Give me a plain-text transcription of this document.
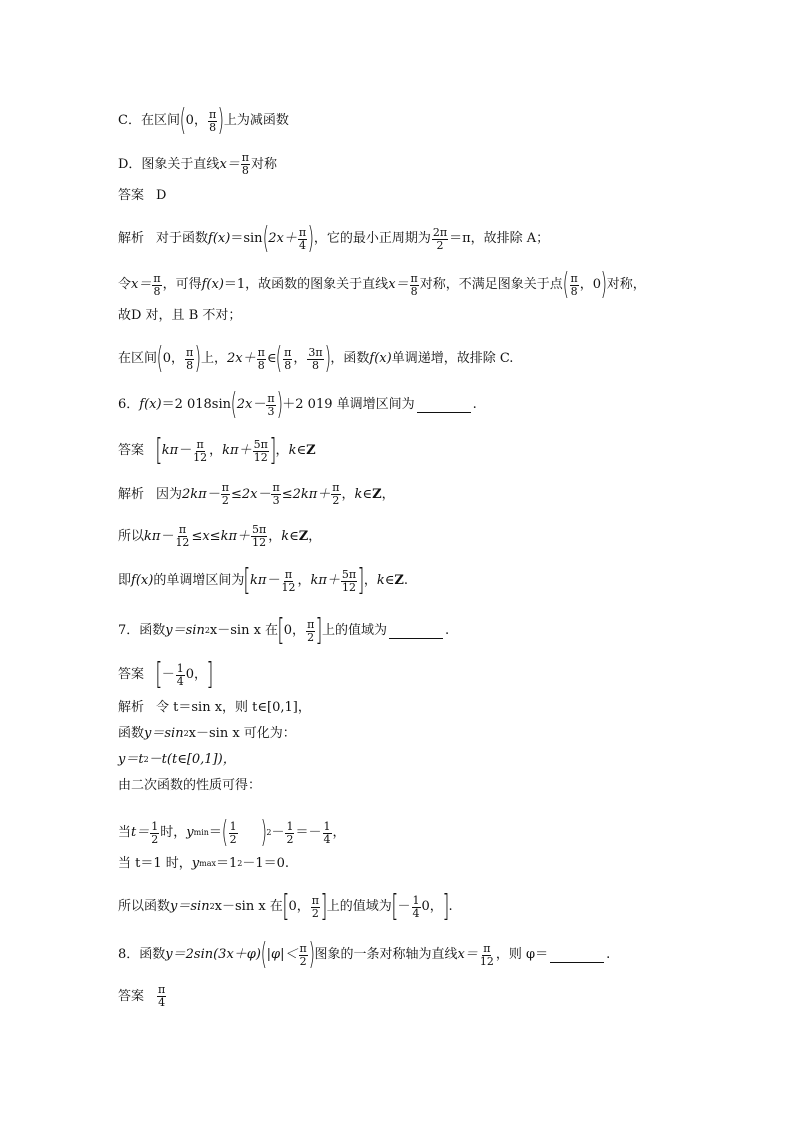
C．在区间 ( 0， $\frac{\pi}{8}$ ) 上为减函数
D．图象关于直线 $x= \frac{\pi}{8}$ 对称
答案 D
解析 对于函数 f(x) ＝sin ( $2x+ \frac{\pi}{4}$ ) ，它的最小正周期为 $\frac{2\pi}{2} =\pi$，故排除 A；
令 $x= \frac{\pi}{8}$ ，可得 f(x) ＝1，故函数的图象关于直线 $x= \frac{\pi}{8}$ 对称，不满足图象关于点 ( $\frac{\pi}{8}$ ， 0 ) 对称，
故D 对，且 B 不对；
在区间 ( 0， $\frac{\pi}{8}$ ) 上， $2x+ \frac{\pi}{8}$ ∈ ( $\frac{\pi}{8}$ ， $\frac{3\pi}{8}$ ) ，函数 f(x) 单调递增，故排除 C.
6． f(x) ＝2 018sin ( $2x- \frac{\pi}{3}$ ) ＋2 019 单调增区间为	.
答案 [ $k\pi- \frac{\pi}{12}$ ， $k\pi+ \frac{5\pi}{12}$ ] ， k∈ Z
解析 因为 $2k\pi- \frac{\pi}{2} \le 2x- \frac{\pi}{3} \le 2k\pi+ \frac{\pi}{2}$ ， k∈ Z ，
所以 $k\pi- \frac{\pi}{12} \le x\le k\pi+ \frac{5\pi}{12}$ ， k∈ Z ，
即 f(x) 的单调增区间为 [ $k\pi- \frac{\pi}{12}$ ， $k\pi+ \frac{5\pi}{12}$ ] ， k∈ Z .
7．函数 y＝sin 2 x－sin x 在 [ 0， $\frac{\pi}{2}$ ] 上的值域为	.
答案 [ － $\frac{1}{4} 0$， ]
解析 令 t＝sin x，则 t∈[0,1]，
函数 y＝sin 2 x－sin x 可化为：
y＝t 2 －t(t∈[0,1])，
由二次函数的性质可得：
当 $t= \frac{1}{2}$ 时， y min ＝ ( $\frac{1}{2}$ ) $2 - \frac{1}{2} =- \frac{1}{4}$ ，
当 t＝1 时， y max ＝1 2 －1＝0.
所以函数 y＝sin 2 x－sin x 在 [ 0， $\frac{\pi}{2}$ ] 上的值域为 [ － $\frac{1}{4} 0$， ] .
8．函数 y＝2sin(3x＋φ) ( $|\varphi|< \frac{\pi}{2}$ ) 图象的一条对称轴为直线 $x= \frac{\pi}{12}$ ，则 φ＝	.
答案 $\frac{\pi}{4}$
